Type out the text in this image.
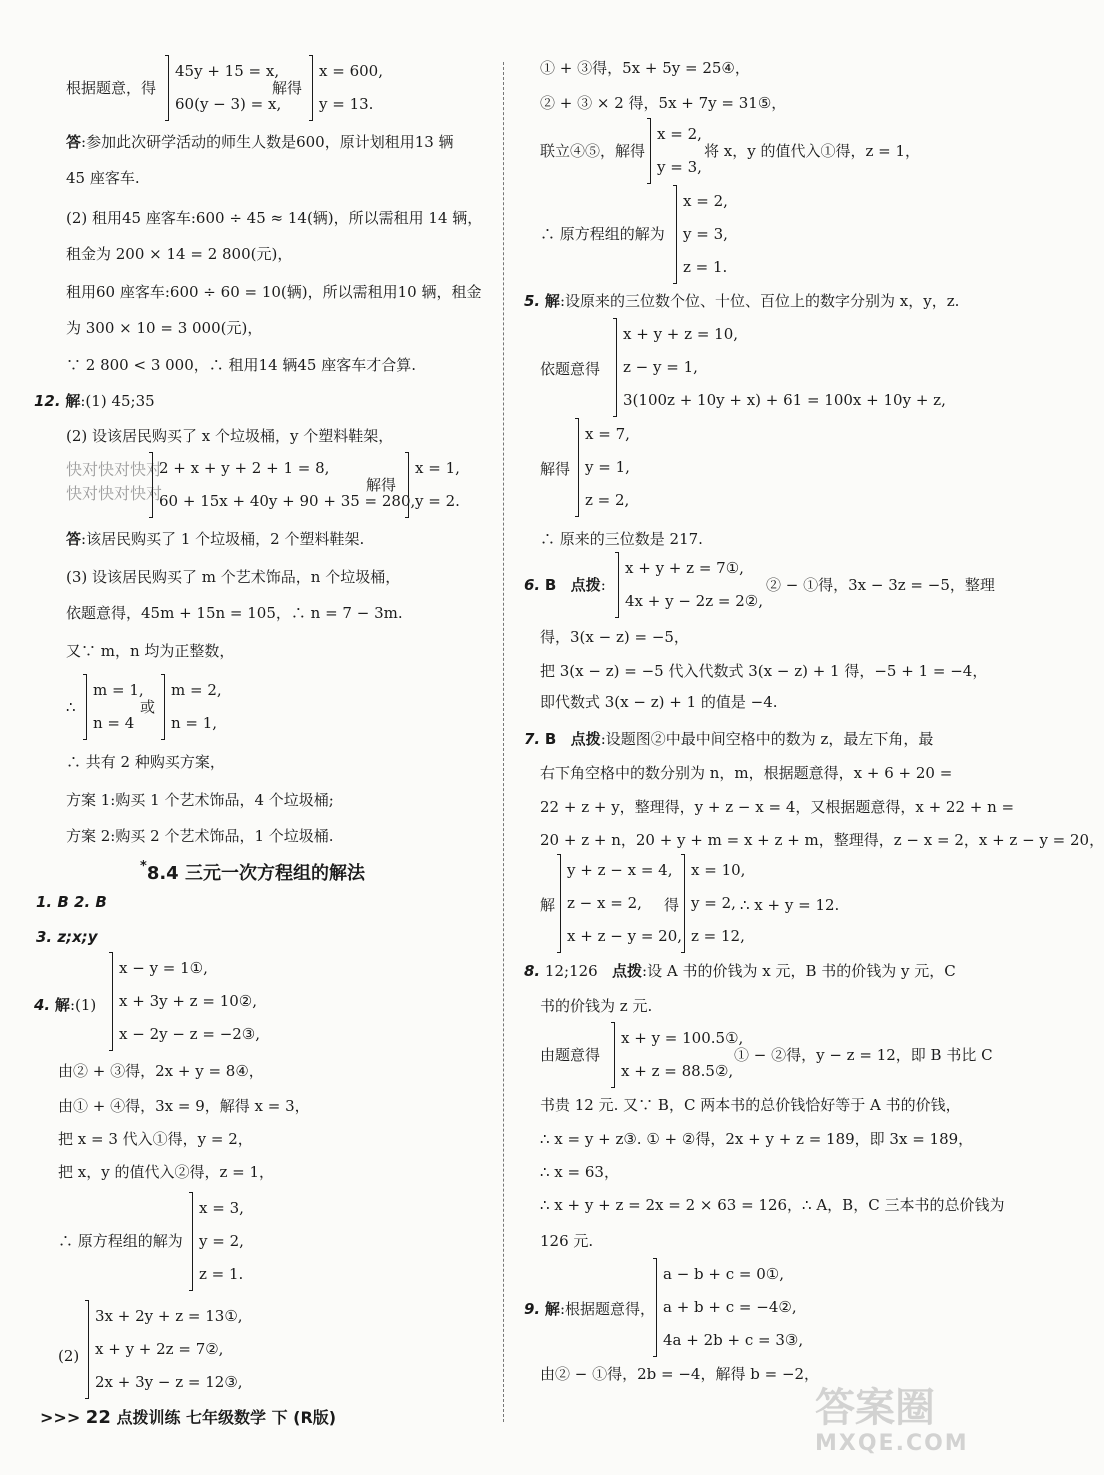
根据题意，得
45y + 15 = x,
60(y − 3) = x,
解得
x = 600,
y = 13.
答:参加此次研学活动的师生人数是600，原计划租用13 辆
45 座客车.
(2) 租用45 座客车:600 ÷ 45 ≈ 14(辆)，所以需租用 14 辆，
租金为 200 × 14 = 2 800(元)，
租用60 座客车:600 ÷ 60 = 10(辆)，所以需租用10 辆，租金
为 300 × 10 = 3 000(元)，
∵ 2 800 < 3 000，∴ 租用14 辆45 座客车才合算.
12. 解:(1) 45;35
(2) 设该居民购买了 x 个垃圾桶，y 个塑料鞋架，
快对快对快对
快对快对快对
2 + x + y + 2 + 1 = 8,
60 + 15x + 40y + 90 + 35 = 280,
解得
x = 1,
y = 2.
答:该居民购买了 1 个垃圾桶，2 个塑料鞋架.
(3) 设该居民购买了 m 个艺术饰品，n 个垃圾桶，
依题意得，45m + 15n = 105，∴ n = 7 − 3m.
又∵ m，n 均为正整数，
∴
m = 1,
n = 4
或
m = 2,
n = 1,
∴ 共有 2 种购买方案，
方案 1:购买 1 个艺术饰品，4 个垃圾桶;
方案 2:购买 2 个艺术饰品，1 个垃圾桶.
*8.4 三元一次方程组的解法
1. B 2. B
3. z;x;y
4. 解:(1)
x − y = 1①,
x + 3y + z = 10②,
x − 2y − z = −2③,
由② + ③得，2x + y = 8④，
由① + ④得，3x = 9，解得 x = 3，
把 x = 3 代入①得，y = 2，
把 x，y 的值代入②得，z = 1，
∴ 原方程组的解为
x = 3,
y = 2,
z = 1.
(2)
3x + 2y + z = 13①,
x + y + 2z = 7②,
2x + 3y − z = 12③,
① + ③得，5x + 5y = 25④，
② + ③ × 2 得，5x + 7y = 31⑤，
联立④⑤，解得
x = 2,
y = 3,
将 x，y 的值代入①得，z = 1，
∴ 原方程组的解为
x = 2,
y = 3,
z = 1.
5. 解:设原来的三位数个位、十位、百位上的数字分别为 x，y，z.
依题意得
x + y + z = 10,
z − y = 1,
3(100z + 10y + x) + 61 = 100x + 10y + z,
解得
x = 7,
y = 1,
z = 2,
∴ 原来的三位数是 217.
6. B 点拨:
x + y + z = 7①,
4x + y − 2z = 2②,
② − ①得，3x − 3z = −5，整理
得，3(x − z) = −5，
把 3(x − z) = −5 代入代数式 3(x − z) + 1 得，−5 + 1 = −4，
即代数式 3(x − z) + 1 的值是 −4.
7. B 点拨:设题图②中最中间空格中的数为 z，最左下角，最
右下角空格中的数分别为 n，m，根据题意得，x + 6 + 20 =
22 + z + y，整理得，y + z − x = 4，又根据题意得，x + 22 + n =
20 + z + n，20 + y + m = x + z + m，整理得，z − x = 2，x + z − y = 20，
解
y + z − x = 4,
z − x = 2,
x + z − y = 20,
得
x = 10,
y = 2,
z = 12,
∴ x + y = 12.
8. 12;126 点拨:设 A 书的价钱为 x 元，B 书的价钱为 y 元，C
书的价钱为 z 元.
由题意得
x + y = 100.5①,
x + z = 88.5②,
① − ②得，y − z = 12，即 B 书比 C
书贵 12 元. 又∵ B，C 两本书的总价钱恰好等于 A 书的价钱，
∴ x = y + z③. ① + ②得，2x + y + z = 189，即 3x = 189，
∴ x = 63，
∴ x + y + z = 2x = 2 × 63 = 126，∴ A，B，C 三本书的总价钱为
126 元.
9. 解:根据题意得，
a − b + c = 0①,
a + b + c = −4②,
4a + 2b + c = 3③,
由② − ①得，2b = −4，解得 b = −2，
>>> 22 点拨训练 七年级数学 下 (R版)	答案圈
MXQE.COM
